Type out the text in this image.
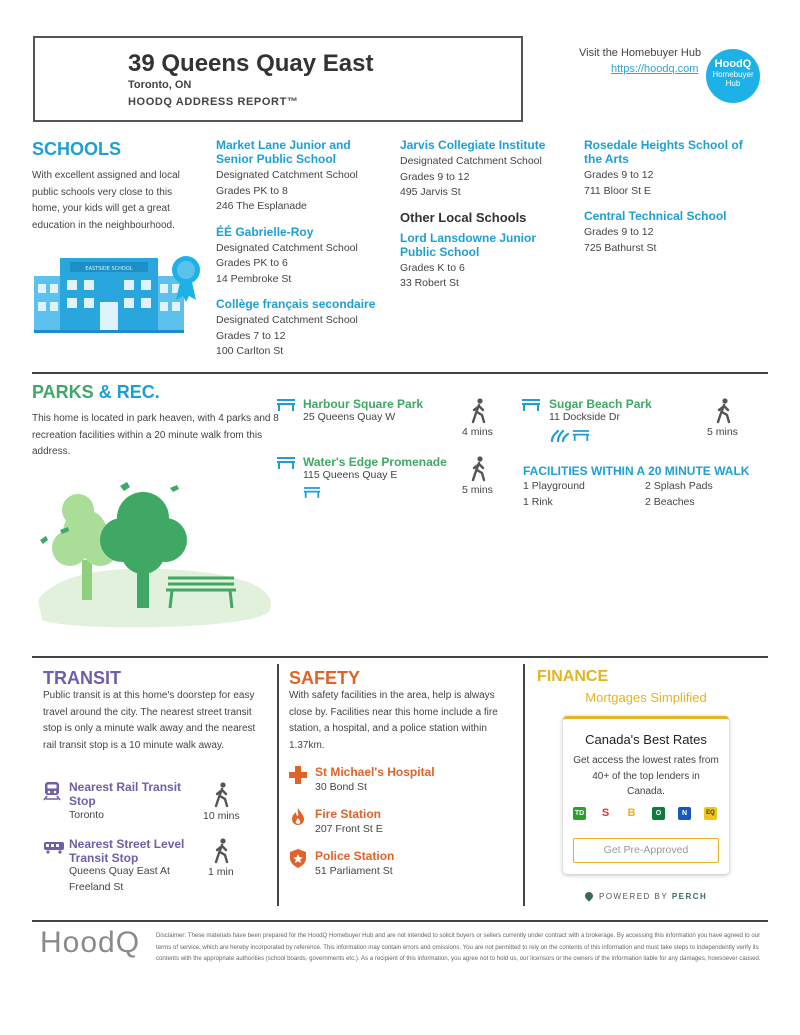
39 Queens Quay East
Toronto, ON
HOODQ ADDRESS REPORT™
Visit the Homebuyer Hub
https://hoodq.com	HoodQ
Homebuyer Hub
SCHOOLS
With excellent assigned and local public schools very close to this home, your kids will get a great education in the neighbourhood.
EASTSIDE SCHOOL
Market Lane Junior and Senior Public School
Designated Catchment School
Grades PK to 8
246 The Esplanade
ÉÉ Gabrielle-Roy
Designated Catchment School
Grades PK to 6
14 Pembroke St
Collège français secondaire
Designated Catchment School
Grades 7 to 12
100 Carlton St
Jarvis Collegiate Institute
Designated Catchment School
Grades 9 to 12
495 Jarvis St
Other Local Schools
Lord Lansdowne Junior Public School
Grades K to 6
33 Robert St
Rosedale Heights School of the Arts
Grades 9 to 12
711 Bloor St E
Central Technical School
Grades 9 to 12
725 Bathurst St
PARKS & REC.
This home is located in park heaven, with 4 parks and 8 recreation facilities within a 20 minute walk from this address.
Harbour Square Park
25 Queens Quay W
4 mins
Water's Edge Promenade
115 Queens Quay E
5 mins
Sugar Beach Park
11 Dockside Dr
5 mins
FACILITIES WITHIN A 20 MINUTE WALK
1 Playground	2 Splash Pads
1 Rink	2 Beaches
TRANSIT
Public transit is at this home's doorstep for easy travel around the city. The nearest street transit stop is only a minute walk away and the nearest rail transit stop is a 10 minute walk away.
Nearest Rail Transit Stop
Toronto	10 mins
Nearest Street Level Transit Stop
Queens Quay East At Freeland St
1 min
SAFETY
With safety facilities in the area, help is always close by. Facilities near this home include a fire station, a hospital, and a police station within 1.37km.
St Michael's Hospital
30 Bond St
Fire Station
207 Front St E
Police Station
51 Parliament St
FINANCE
Mortgages Simplified
Canada's Best Rates
Get access the lowest rates from 40+ of the top lenders in Canada.
TD S B	O	N	EQ
Get Pre-Approved
POWERED BY PERCH
HoodQ	Disclaimer: These materials have been prepared for the HoodQ Homebuyer Hub and are not intended to solicit buyers or sellers currently under contract with a brokerage. By accessing this information you have agreed to our terms of service, which are hereby incorporated by reference. This information may contain errors and omissions. You are not permitted to rely on the contents of this information and must take steps to independently verify its contents with the appropriate authorities (school boards, governments etc.). As a recipient of this information, you agree not to hold us, our licensors or the owners of the information liable for any damages, howsoever caused.
